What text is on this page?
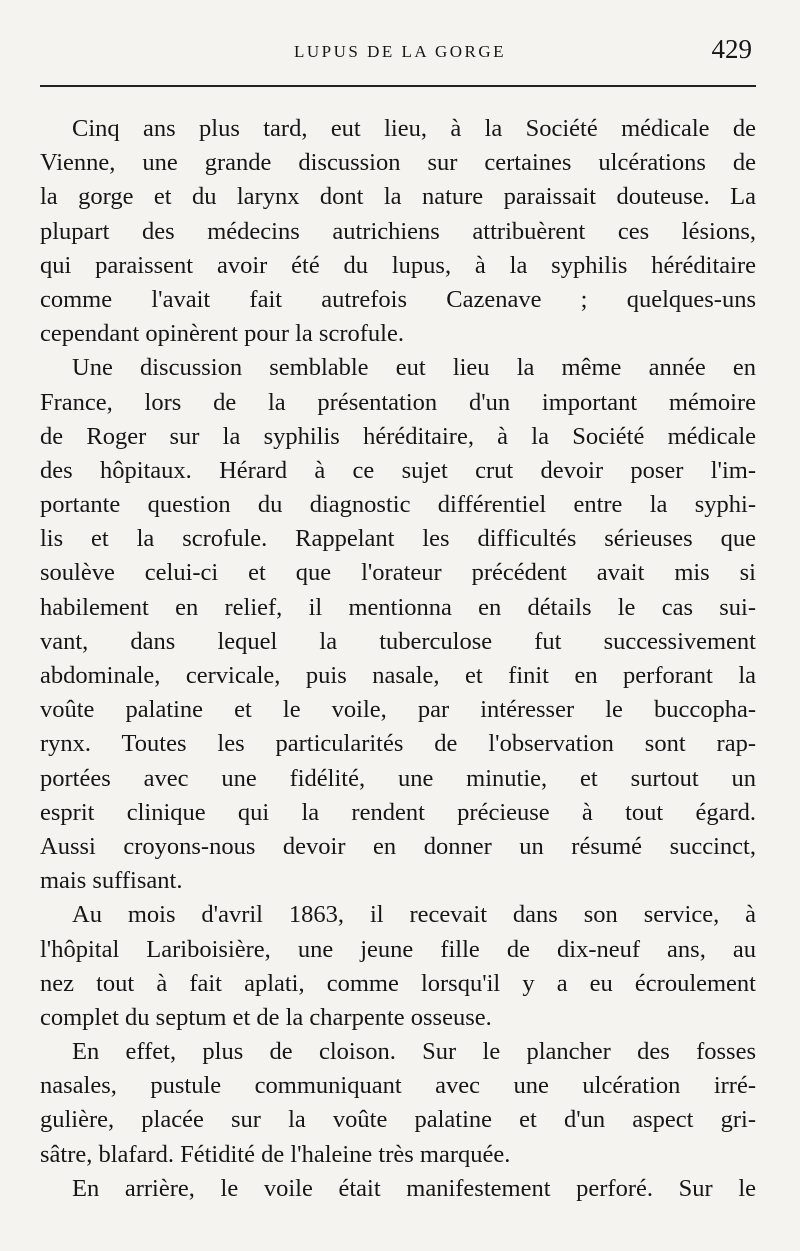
LUPUS DE LA GORGE	429
Cinq ans plus tard, eut lieu, à la Société médicale de
Vienne, une grande discussion sur certaines ulcérations de
la gorge et du larynx dont la nature paraissait douteuse. La
plupart des médecins autrichiens attribuèrent ces lésions,
qui paraissent avoir été du lupus, à la syphilis héréditaire
comme l'avait fait autrefois Cazenave ; quelques-uns
cependant opinèrent pour la scrofule.
Une discussion semblable eut lieu la même année en
France, lors de la présentation d'un important mémoire
de Roger sur la syphilis héréditaire, à la Société médicale
des hôpitaux. Hérard à ce sujet crut devoir poser l'im-
portante question du diagnostic différentiel entre la syphi-
lis et la scrofule. Rappelant les difficultés sérieuses que
soulève celui-ci et que l'orateur précédent avait mis si
habilement en relief, il mentionna en détails le cas sui-
vant, dans lequel la tuberculose fut successivement
abdominale, cervicale, puis nasale, et finit en perforant la
voûte palatine et le voile, par intéresser le buccopha-
rynx. Toutes les particularités de l'observation sont rap-
portées avec une fidélité, une minutie, et surtout un
esprit clinique qui la rendent précieuse à tout égard.
Aussi croyons-nous devoir en donner un résumé succinct,
mais suffisant.
Au mois d'avril 1863, il recevait dans son service, à
l'hôpital Lariboisière, une jeune fille de dix-neuf ans, au
nez tout à fait aplati, comme lorsqu'il y a eu écroulement
complet du septum et de la charpente osseuse.
En effet, plus de cloison. Sur le plancher des fosses
nasales, pustule communiquant avec une ulcération irré-
gulière, placée sur la voûte palatine et d'un aspect gri-
sâtre, blafard. Fétidité de l'haleine très marquée.
En arrière, le voile était manifestement perforé. Sur le
